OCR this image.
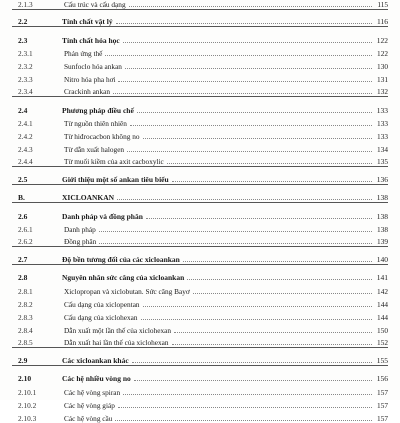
2.1.3	Cấu trúc và cấu dạng	115
2.2	Tính chất vật lý	116
2.3	Tính chất hóa học	122
2.3.1	Phản ứng thế	122
2.3.2	Sunfoclo hóa ankan	130
2.3.3	Nitro hóa pha hơi	131
2.3.4	Crackinh ankan	132
2.4	Phương pháp điều chế	133
2.4.1	Từ nguồn thiên nhiên	133
2.4.2	Từ hiđrocacbon không no	133
2.4.3	Từ dẫn xuất halogen	134
2.4.4	Từ muối kiềm của axit cacboxylic	135
2.5	Giới thiệu một số ankan tiêu biểu	136
B.	XICLOANKAN	138
2.6	Danh pháp và đồng phân	138
2.6.1	Danh pháp	138
2.6.2	Đồng phân	139
2.7	Độ bền tương đối của các xicloankan	140
2.8	Nguyên nhân sức căng của xicloankan	141
2.8.1	Xiclopropan và xiclobutan. Sức căng Bayơ	142
2.8.2	Cấu dạng của xiclopentan	144
2.8.3	Cấu dạng của xiclohexan	144
2.8.4	Dẫn xuất một lần thế của xiclohexan	150
2.8.5	Dẫn xuất hai lần thế của xiclohexan	152
2.9	Các xicloankan khác	155
2.10	Các hệ nhiều vòng no	156
2.10.1	Các hệ vòng spiran	157
2.10.2	Các hệ vòng giáp	157
2.10.3	Các hệ vòng cầu	157
